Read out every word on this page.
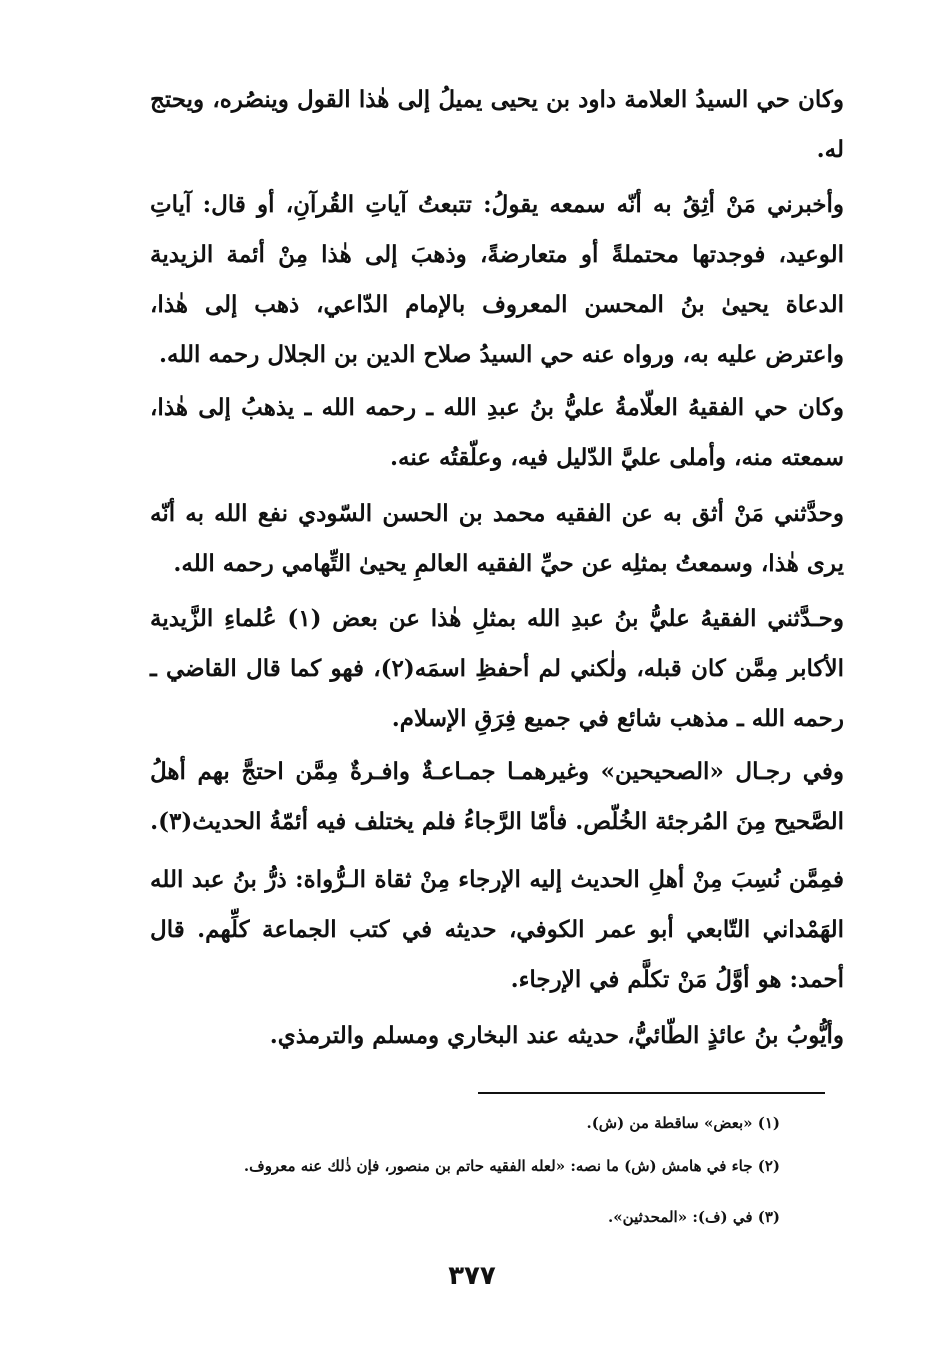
وكان حي السيدُ العلامة داود بن يحيى يميلُ إلى هٰذا القول وينصُره، ويحتج له.

وأخبرني مَنْ أثِقُ به أنّه سمعه يقولُ: تتبعتُ آياتِ القُرآنِ، أو قال: آياتِ الوعيد، فوجدتها محتملةً أو متعارضةً، وذهبَ إلى هٰذا مِنْ أئمة الزيدية الدعاة يحيىٰ بنُ المحسن المعروف بالإمام الدّاعي، ذهب إلى هٰذا، واعترض عليه به، ورواه عنه حي السيدُ صلاح الدين بن الجلال رحمه الله.

وكان حي الفقيهُ العلّامةُ عليُّ بنُ عبدِ الله ـ رحمه الله ـ يذهبُ إلى هٰذا، سمعته منه، وأملى عليَّ الدّليل فيه، وعلّقتُه عنه.

وحدَّثني مَنْ أثق به عن الفقيه محمد بن الحسن السّودي نفع الله به أنّه يرى هٰذا، وسمعتُ بمثلِه عن حيِّ الفقيه العالمِ يحيىٰ التِّهامي رحمه الله.

وحـدَّثني الفقيهُ عليُّ بنُ عبدِ الله بمثلِ هٰذا عن بعض (١) عُلماءِ الزَّيدية الأكابر مِمَّن كان قبله، ولٰكني لم أحفظِ اسمَه(٢)، فهو كما قال القاضي ـ رحمه الله ـ مذهب شائع في جميع فِرَقِ الإسلام.

وفي رجـال «الصحيحين» وغيرهمـا جمـاعـةٌ وافـرةٌ مِمَّن احتجَّ بهم أهلُ الصَّحيح مِنَ المُرجئة الخُلّص. فأمّا الرَّجاءُ فلم يختلف فيه أئمّةُ الحديث(٣).

فمِمَّن نُسِبَ مِنْ أهلِ الحديث إليه الإرجاء مِنْ ثقاة الـرُّواة: ذرُّ بنُ عبد الله الهَمْداني التّابعي أبو عمر الكوفي، حديثه في كتب الجماعة كلِّهم. قال أحمد: هو أوَّلُ مَنْ تكلَّم في الإرجاء.

وأيُّوبُ بنُ عائذٍ الطّائيُّ، حديثه عند البخاري ومسلم والترمذي.

(١) «بعض» ساقطة من (ش).

(٢) جاء في هامش (ش) ما نصه: «لعله الفقيه حاتم بن منصور، فإن ذٰلك عنه معروف.

(٣) في (ف): «المحدثين».

٣٧٧
